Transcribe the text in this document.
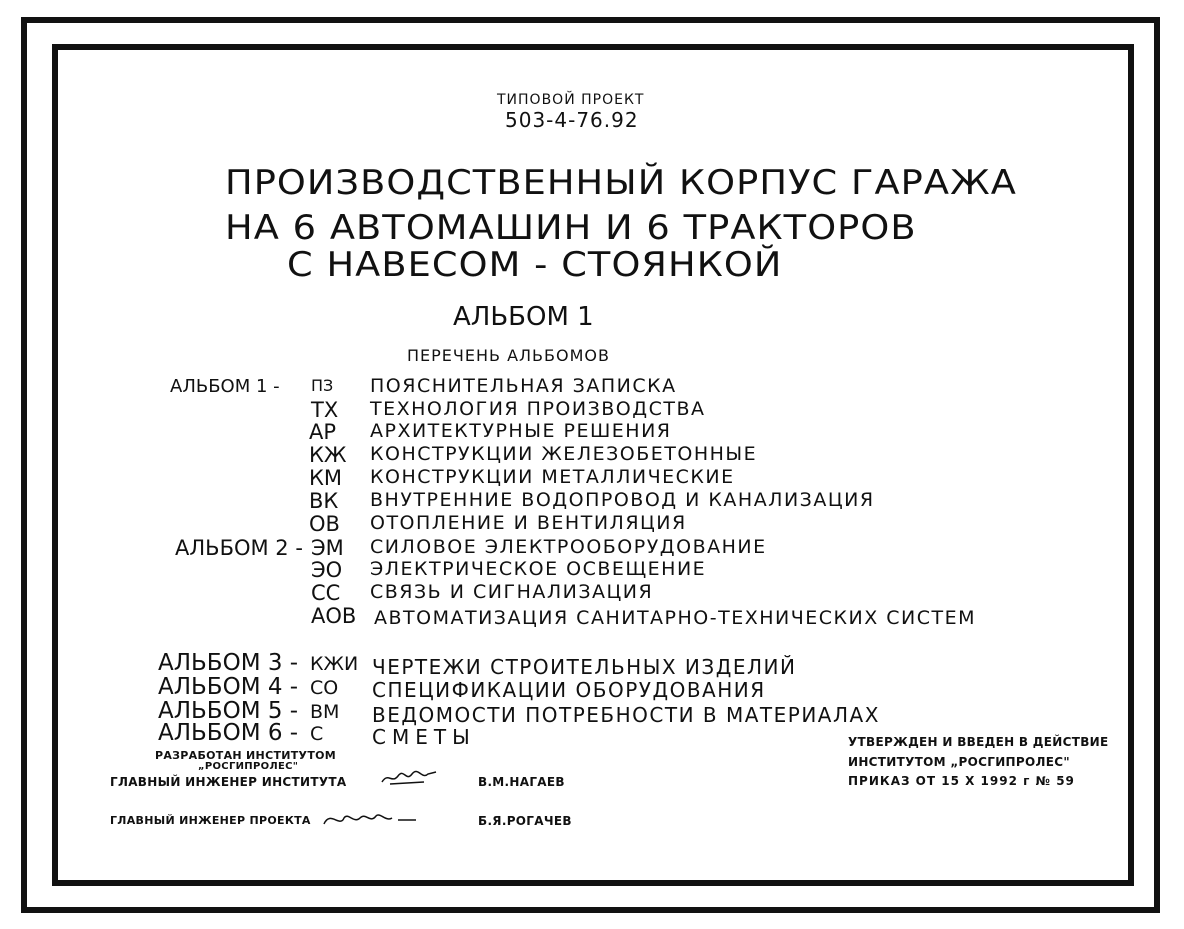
ТИПОВОЙ ПРОЕКТ
503-4-76.92
ПРОИЗВОДСТВЕННЫЙ КОРПУС ГАРАЖА
НА 6 АВТОМАШИН И 6 ТРАКТОРОВ
С НАВЕСОМ - СТОЯНКОЙ
АЛЬБОМ 1
ПЕРЕЧЕНЬ АЛЬБОМОВ
АЛЬБОМ 1 - ПЗ ПОЯСНИТЕЛЬНАЯ ЗАПИСКА
ТХ ТЕХНОЛОГИЯ ПРОИЗВОДСТВА
АР АРХИТЕКТУРНЫЕ РЕШЕНИЯ
КЖ КОНСТРУКЦИИ ЖЕЛЕЗОБЕТОННЫЕ
КМ КОНСТРУКЦИИ МЕТАЛЛИЧЕСКИЕ
ВК ВНУТРЕННИЕ ВОДОПРОВОД И КАНАЛИЗАЦИЯ
ОВ ОТОПЛЕНИЕ И ВЕНТИЛЯЦИЯ
АЛЬБОМ 2 - ЭМ СИЛОВОЕ ЭЛЕКТРООБОРУДОВАНИЕ
ЭО ЭЛЕКТРИЧЕСКОЕ ОСВЕЩЕНИЕ
СС СВЯЗЬ И СИГНАЛИЗАЦИЯ
АОВ АВТОМАТИЗАЦИЯ САНИТАРНО-ТЕХНИЧЕСКИХ СИСТЕМ
АЛЬБОМ 3 - КЖИ ЧЕРТЕЖИ СТРОИТЕЛЬНЫХ ИЗДЕЛИЙ
АЛЬБОМ 4 - СО СПЕЦИФИКАЦИИ ОБОРУДОВАНИЯ
АЛЬБОМ 5 - ВМ ВЕДОМОСТИ ПОТРЕБНОСТИ В МАТЕРИАЛАХ
АЛЬБОМ 6 - С СМЕТЫ
РАЗРАБОТАН ИНСТИТУТОМ
„РОСГИПРОЛЕС"
ГЛАВНЫЙ ИНЖЕНЕР ИНСТИТУТА	В.М.НАГАЕВ
ГЛАВНЫЙ ИНЖЕНЕР ПРОЕКТА	Б.Я.РОГАЧЕВ
УТВЕРЖДЕН И ВВЕДЕН В ДЕЙСТВИЕ
ИНСТИТУТОМ „РОСГИПРОЛЕС"
ПРИКАЗ ОТ 15 X 1992 г № 59
